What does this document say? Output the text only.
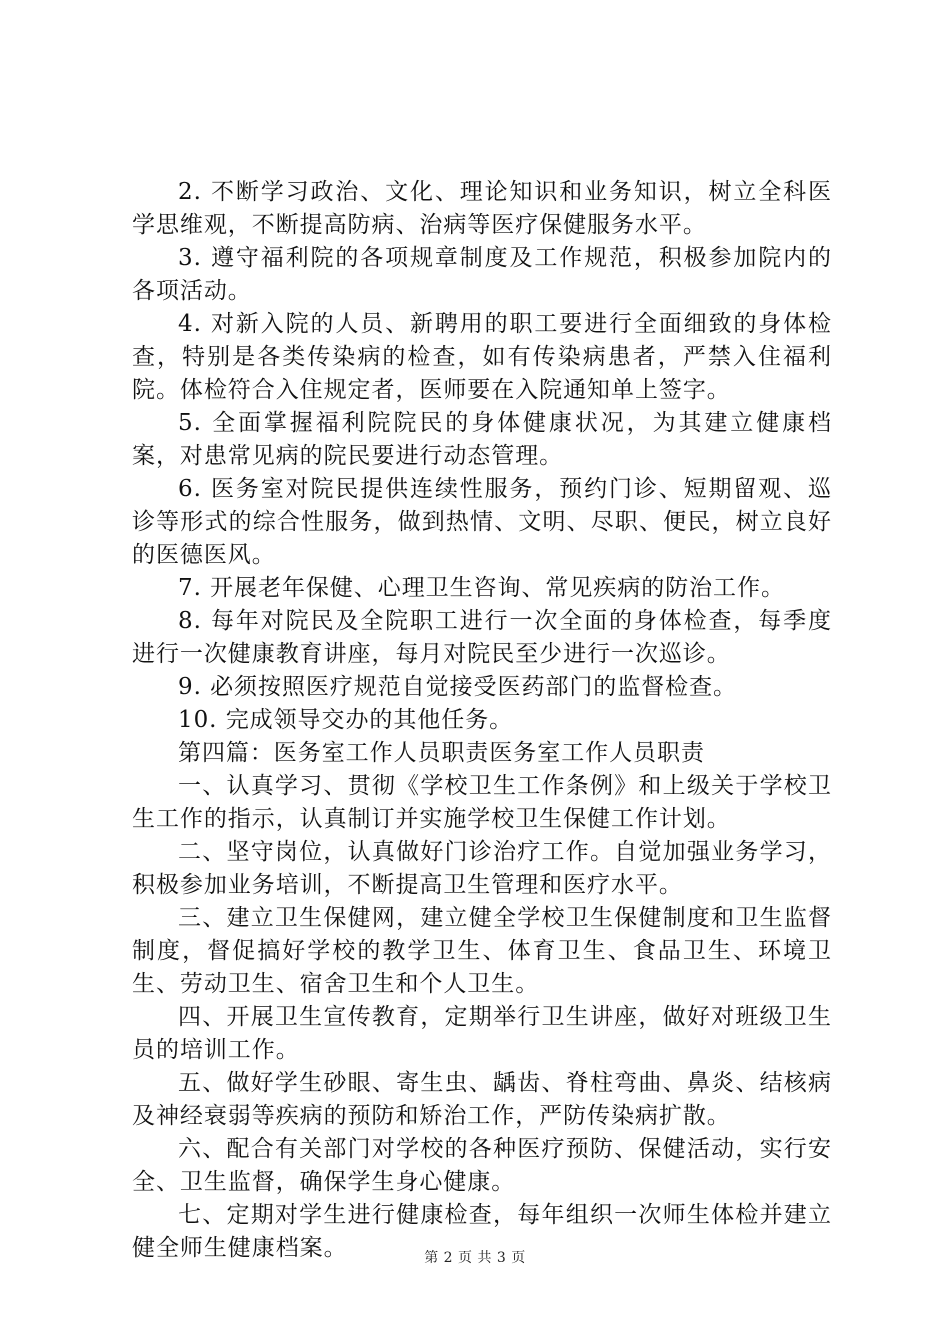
2. 不断学习政治、文化、理论知识和业务知识，树立全科医学思维观，不断提高防病、治病等医疗保健服务水平。

3. 遵守福利院的各项规章制度及工作规范，积极参加院内的各项活动。

4. 对新入院的人员、新聘用的职工要进行全面细致的身体检查，特别是各类传染病的检查，如有传染病患者，严禁入住福利院。体检符合入住规定者，医师要在入院通知单上签字。

5. 全面掌握福利院院民的身体健康状况，为其建立健康档案，对患常见病的院民要进行动态管理。

6. 医务室对院民提供连续性服务，预约门诊、短期留观、巡诊等形式的综合性服务，做到热情、文明、尽职、便民，树立良好的医德医风。

7. 开展老年保健、心理卫生咨询、常见疾病的防治工作。

8. 每年对院民及全院职工进行一次全面的身体检查，每季度进行一次健康教育讲座，每月对院民至少进行一次巡诊。

9. 必须按照医疗规范自觉接受医药部门的监督检查。

10. 完成领导交办的其他任务。

第四篇：医务室工作人员职责医务室工作人员职责

一、认真学习、贯彻《学校卫生工作条例》和上级关于学校卫生工作的指示，认真制订并实施学校卫生保健工作计划。

二、坚守岗位，认真做好门诊治疗工作。自觉加强业务学习，积极参加业务培训，不断提高卫生管理和医疗水平。

三、建立卫生保健网，建立健全学校卫生保健制度和卫生监督制度，督促搞好学校的教学卫生、体育卫生、食品卫生、环境卫生、劳动卫生、宿舍卫生和个人卫生。

四、开展卫生宣传教育，定期举行卫生讲座，做好对班级卫生员的培训工作。

五、做好学生砂眼、寄生虫、龋齿、脊柱弯曲、鼻炎、结核病及神经衰弱等疾病的预防和矫治工作，严防传染病扩散。

六、配合有关部门对学校的各种医疗预防、保健活动，实行安全、卫生监督，确保学生身心健康。

七、定期对学生进行健康检查，每年组织一次师生体检并建立健全师生健康档案。	第 2 页 共 3 页
